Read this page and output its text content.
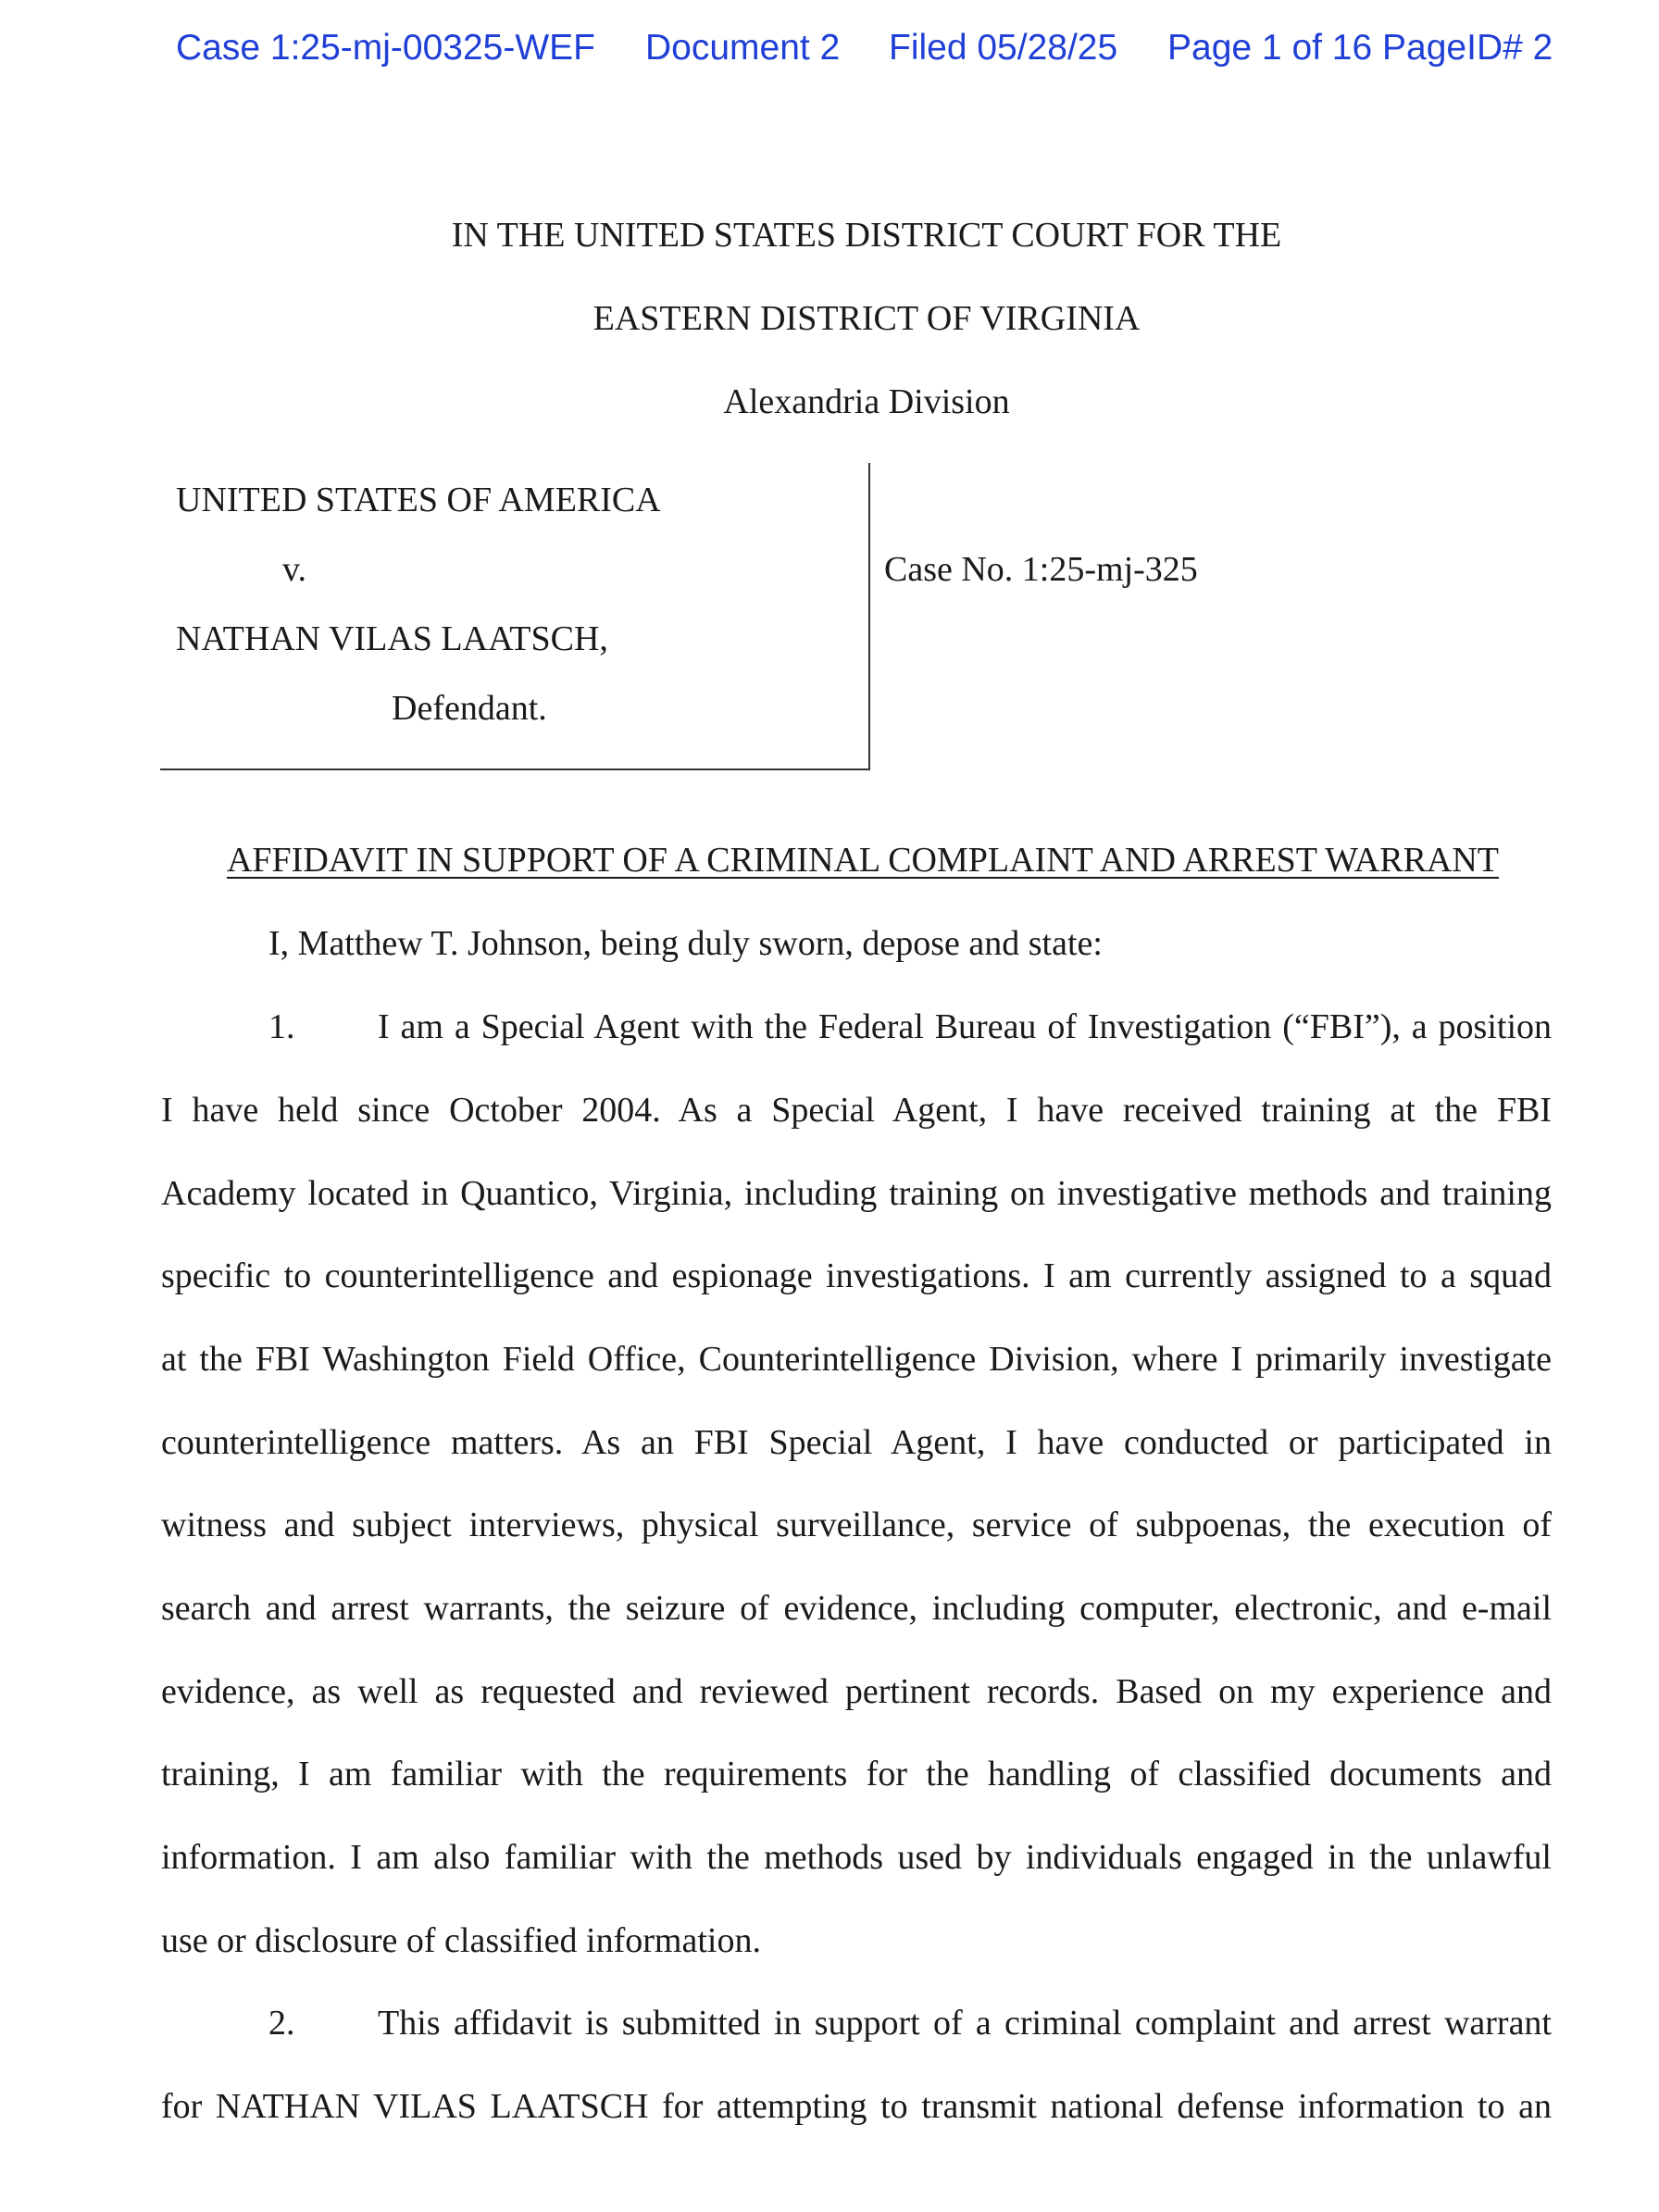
Case 1:25-mj-00325-WEF Document 2 Filed 05/28/25 Page 1 of 16 PageID# 2
IN THE UNITED STATES DISTRICT COURT FOR THE
EASTERN DISTRICT OF VIRGINIA
Alexandria Division
UNITED STATES OF AMERICA
v.
NATHAN VILAS LAATSCH,
Defendant.
Case No. 1:25-mj-325
AFFIDAVIT IN SUPPORT OF A CRIMINAL COMPLAINT AND ARREST WARRANT
I, Matthew T. Johnson, being duly sworn, depose and state:
1. I am a Special Agent with the Federal Bureau of Investigation (“FBI”), a position
I have held since October 2004. As a Special Agent, I have received training at the FBI
Academy located in Quantico, Virginia, including training on investigative methods and training
specific to counterintelligence and espionage investigations. I am currently assigned to a squad
at the FBI Washington Field Office, Counterintelligence Division, where I primarily investigate
counterintelligence matters. As an FBI Special Agent, I have conducted or participated in
witness and subject interviews, physical surveillance, service of subpoenas, the execution of
search and arrest warrants, the seizure of evidence, including computer, electronic, and e-mail
evidence, as well as requested and reviewed pertinent records. Based on my experience and
training, I am familiar with the requirements for the handling of classified documents and
information. I am also familiar with the methods used by individuals engaged in the unlawful
use or disclosure of classified information.
2. This affidavit is submitted in support of a criminal complaint and arrest warrant
for NATHAN VILAS LAATSCH for attempting to transmit national defense information to an
